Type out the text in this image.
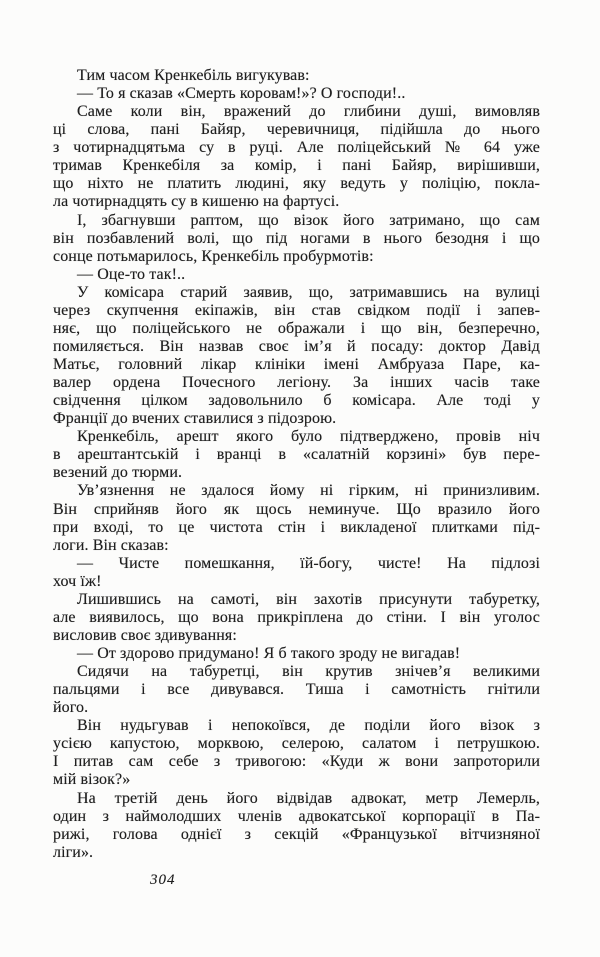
Тим часом Кренкебіль вигукував:
— То я сказав «Смерть коровам!»? О господи!..
Саме коли він, вражений до глибини душі, вимовляв
ці слова, пані Байяр, черевичниця, підійшла до нього
з чотирнадцятьма су в руці. Але поліцейський № 64 уже
тримав Кренкебіля за комір, і пані Байяр, вирішивши,
що ніхто не платить людині, яку ведуть у поліцію, покла-
ла чотирнадцять су в кишеню на фартусі.
І, збагнувши раптом, що візок його затримано, що сам
він позбавлений волі, що під ногами в нього безодня і що
сонце потьмарилось, Кренкебіль пробурмотів:
— Оце-то так!..
У комісара старий заявив, що, затримавшись на вулиці
через скупчення екіпажів, він став свідком події і запев-
няє, що поліцейського не ображали і що він, безперечно,
помиляється. Він назвав своє ім’я й посаду: доктор Давід
Матьє, головний лікар клініки імені Амбруаза Паре, ка-
валер ордена Почесного легіону. За інших часів таке
свідчення цілком задовольнило б комісара. Але тоді у
Франції до вчених ставилися з підозрою.
Кренкебіль, арешт якого було підтверджено, провів ніч
в арештантській і вранці в «салатній корзині» був пере-
везений до тюрми.
Ув’язнення не здалося йому ні гірким, ні принизливим.
Він сприйняв його як щось неминуче. Що вразило його
при вході, то це чистота стін і викладеної плитками під-
логи. Він сказав:
— Чисте помешкання, їй-богу, чисте! На підлозі
хоч їж!
Лишившись на самоті, він захотів присунути табуретку,
але виявилось, що вона прикріплена до стіни. І він уголос
висловив своє здивування:
— От здорово придумано! Я б такого зроду не вигадав!
Сидячи на табуретці, він крутив знічев’я великими
пальцями і все дивувався. Тиша і самотність гнітили
його.
Він нудьгував і непокоївся, де поділи його візок з
усією капустою, морквою, селерою, салатом і петрушкою.
І питав сам себе з тривогою: «Куди ж вони запроторили
мій візок?»
На третій день його відвідав адвокат, метр Лемерль,
один з наймолодших членів адвокатської корпорації в Па-
рижі, голова однієї з секцій «Французької вітчизняної
ліги».
304
